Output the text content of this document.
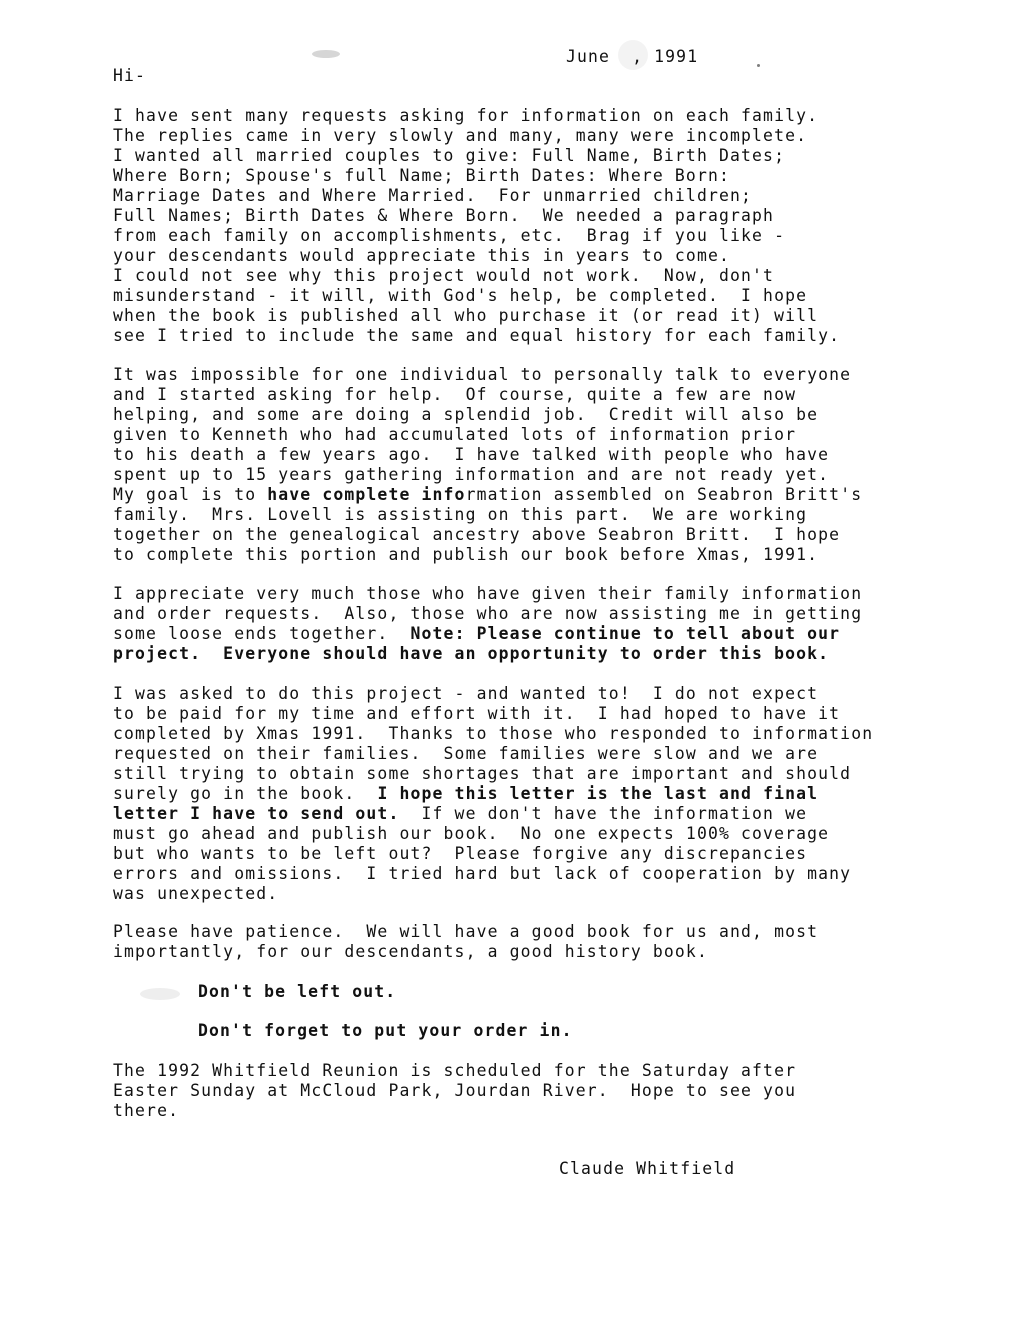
June  , 1991
Hi-
I have sent many requests asking for information on each family.
The replies came in very slowly and many, many were incomplete.
I wanted all married couples to give: Full Name, Birth Dates;
Where Born; Spouse's full Name; Birth Dates: Where Born:
Marriage Dates and Where Married.  For unmarried children;
Full Names; Birth Dates & Where Born.  We needed a paragraph
from each family on accomplishments, etc.  Brag if you like -
your descendants would appreciate this in years to come.
I could not see why this project would not work.  Now, don't
misunderstand - it will, with God's help, be completed.  I hope
when the book is published all who purchase it (or read it) will
see I tried to include the same and equal history for each family.
It was impossible for one individual to personally talk to everyone
and I started asking for help.  Of course, quite a few are now
helping, and some are doing a splendid job.  Credit will also be
given to Kenneth who had accumulated lots of information prior
to his death a few years ago.  I have talked with people who have
spent up to 15 years gathering information and are not ready yet.
My goal is to have complete information assembled on Seabron Britt's
family.  Mrs. Lovell is assisting on this part.  We are working
together on the genealogical ancestry above Seabron Britt.  I hope
to complete this portion and publish our book before Xmas, 1991.
I appreciate very much those who have given their family information
and order requests.  Also, those who are now assisting me in getting
some loose ends together.  Note: Please continue to tell about our
project.  Everyone should have an opportunity to order this book.
I was asked to do this project - and wanted to!  I do not expect
to be paid for my time and effort with it.  I had hoped to have it
completed by Xmas 1991.  Thanks to those who responded to information
requested on their families.  Some families were slow and we are
still trying to obtain some shortages that are important and should
surely go in the book.  I hope this letter is the last and final
letter I have to send out.  If we don't have the information we
must go ahead and publish our book.  No one expects 100% coverage
but who wants to be left out?  Please forgive any discrepancies
errors and omissions.  I tried hard but lack of cooperation by many
was unexpected.
Please have patience.  We will have a good book for us and, most
importantly, for our descendants, a good history book.
Don't be left out.
Don't forget to put your order in.
The 1992 Whitfield Reunion is scheduled for the Saturday after
Easter Sunday at McCloud Park, Jourdan River.  Hope to see you
there.
Claude Whitfield
